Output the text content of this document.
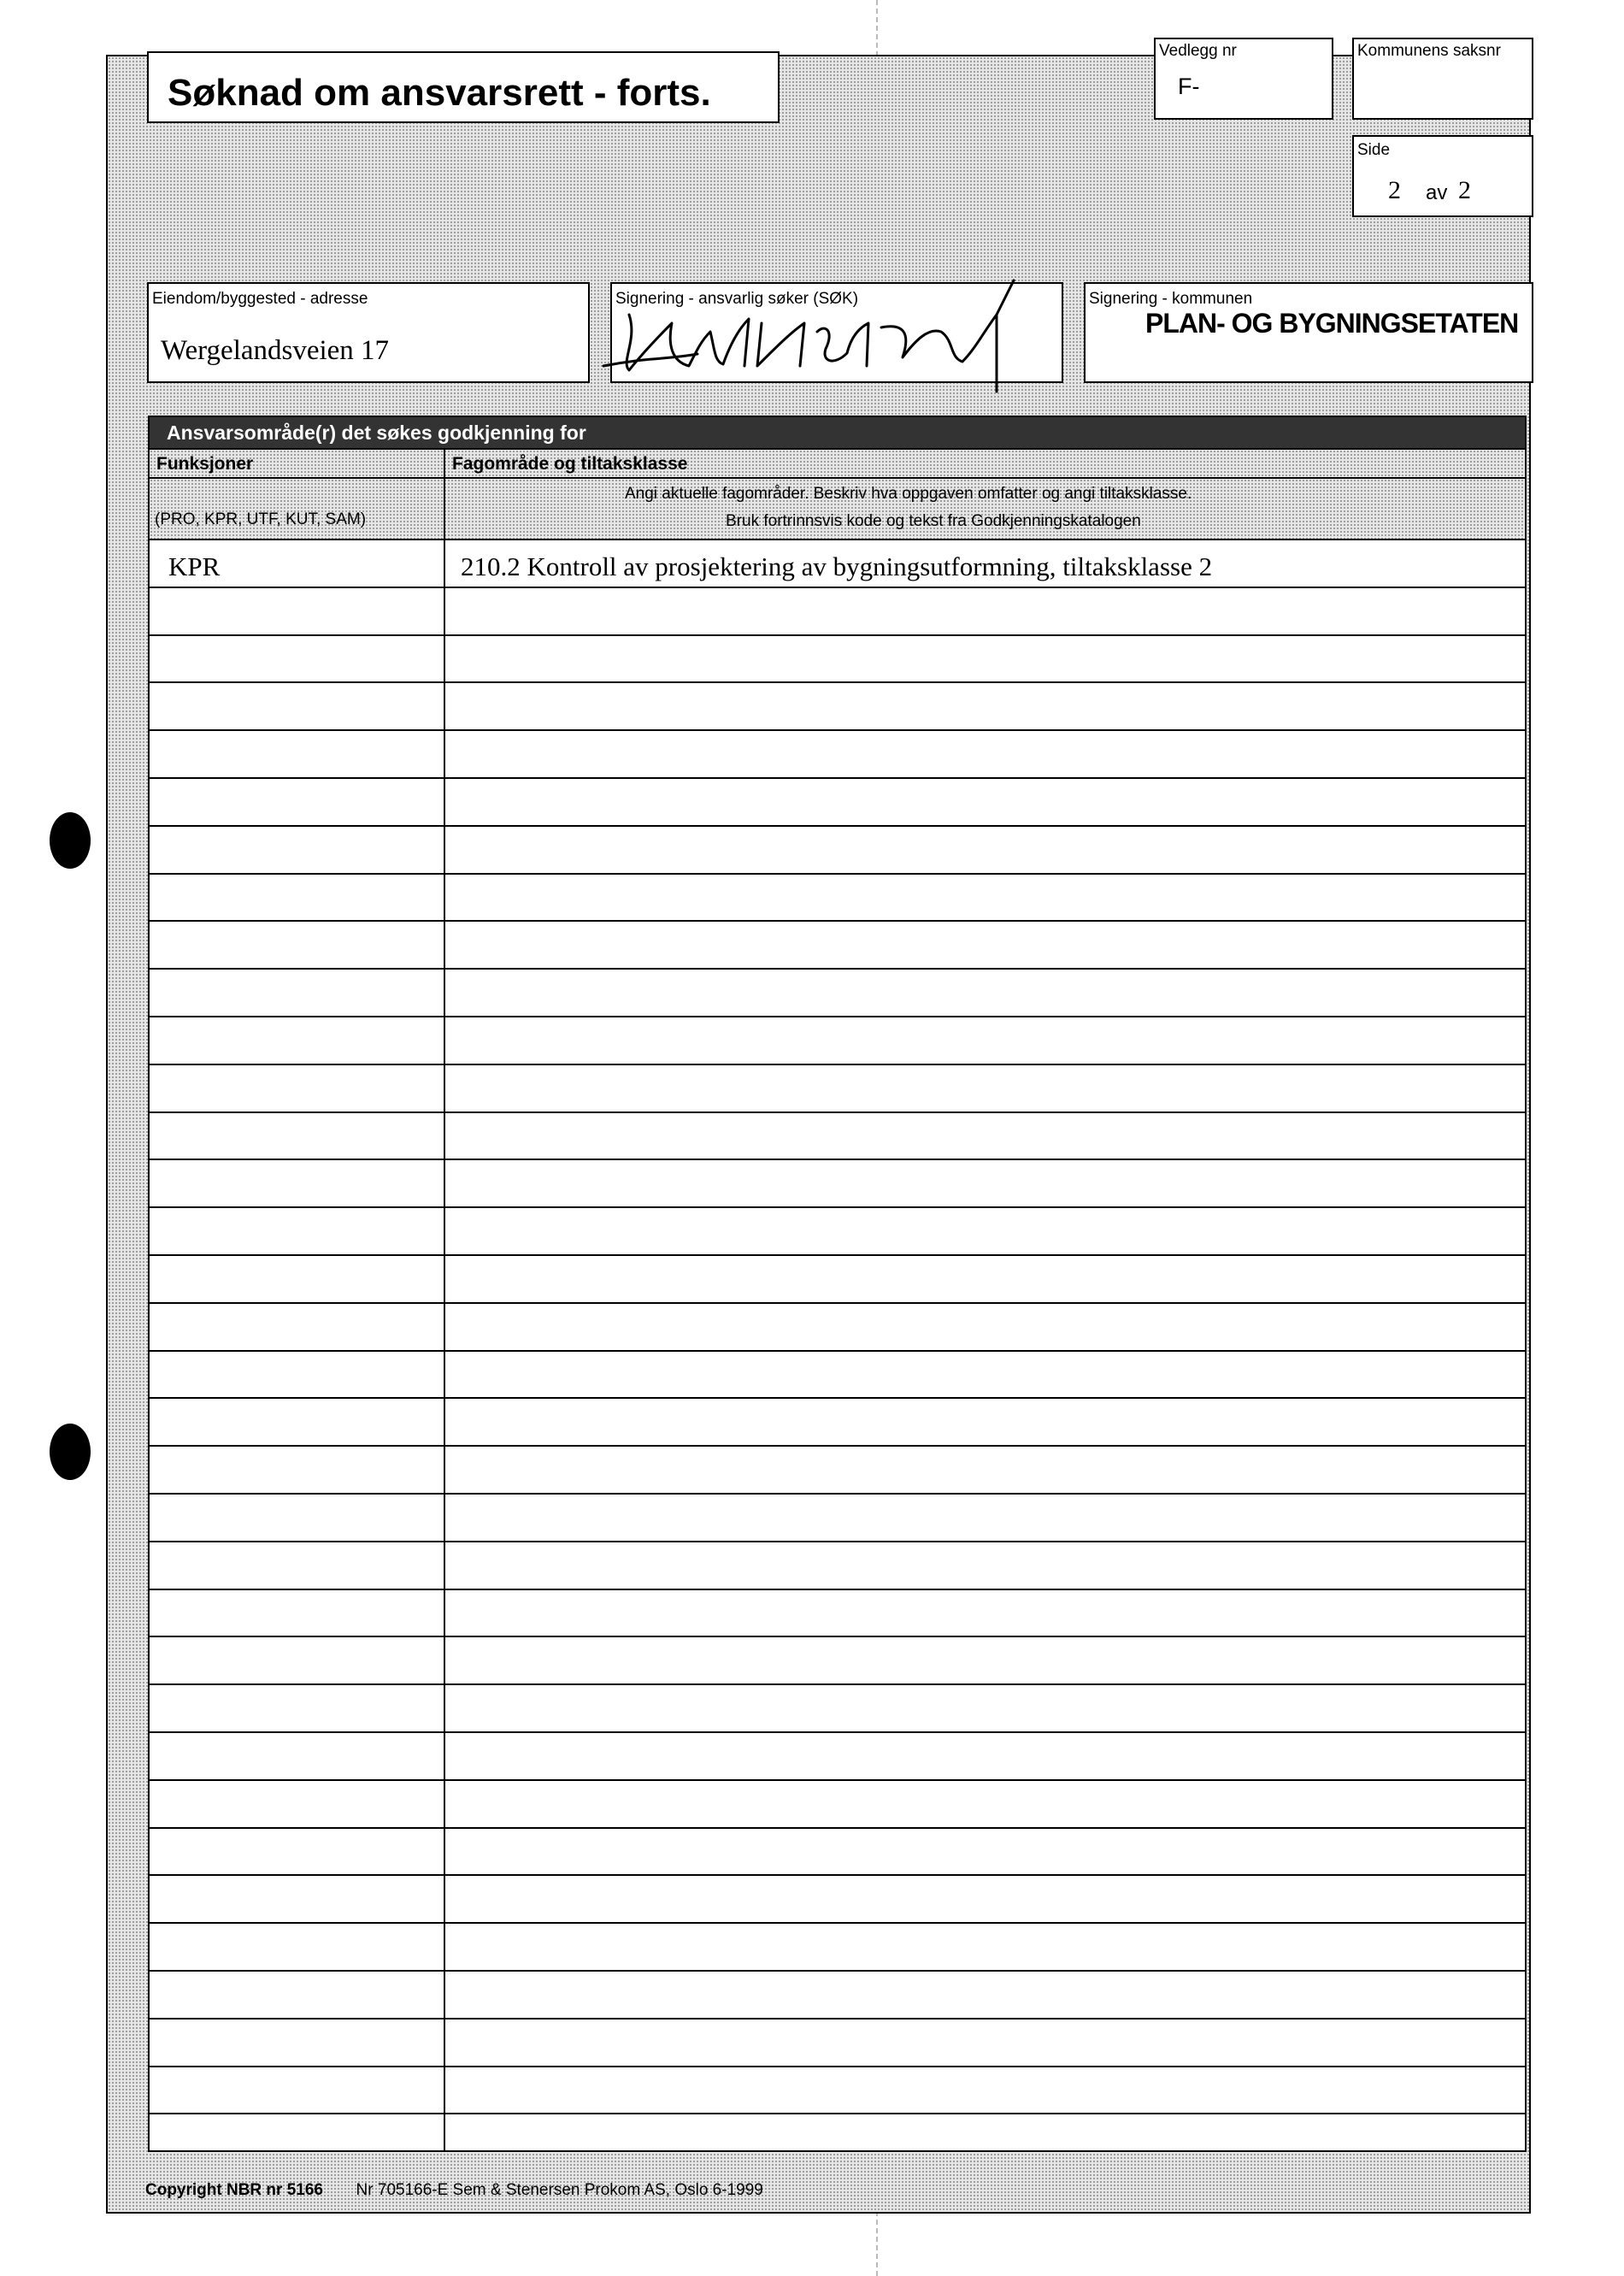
Søknad om ansvarsrett - forts.
Vedlegg nr
F-
Kommunens saksnr
Side
2 av 2
Eiendom/byggested - adresse
Wergelandsveien 17
Signering - ansvarlig søker (SØK)	Signering - kommunen
PLAN- OG BYGNINGSETATEN
Ansvarsområde(r) det søkes godkjenning for
Funksjoner	Fagområde og tiltaksklasse
(PRO, KPR, UTF, KUT, SAM)
Angi aktuelle fagområder. Beskriv hva oppgaven omfatter og angi tiltaksklasse.
Bruk fortrinnsvis kode og tekst fra Godkjenningskatalogen
KPR	210.2 Kontroll av prosjektering av bygningsutformning, tiltaksklasse 2
Copyright NBR nr 5166 Nr 705166-E Sem & Stenersen Prokom AS, Oslo 6-1999
